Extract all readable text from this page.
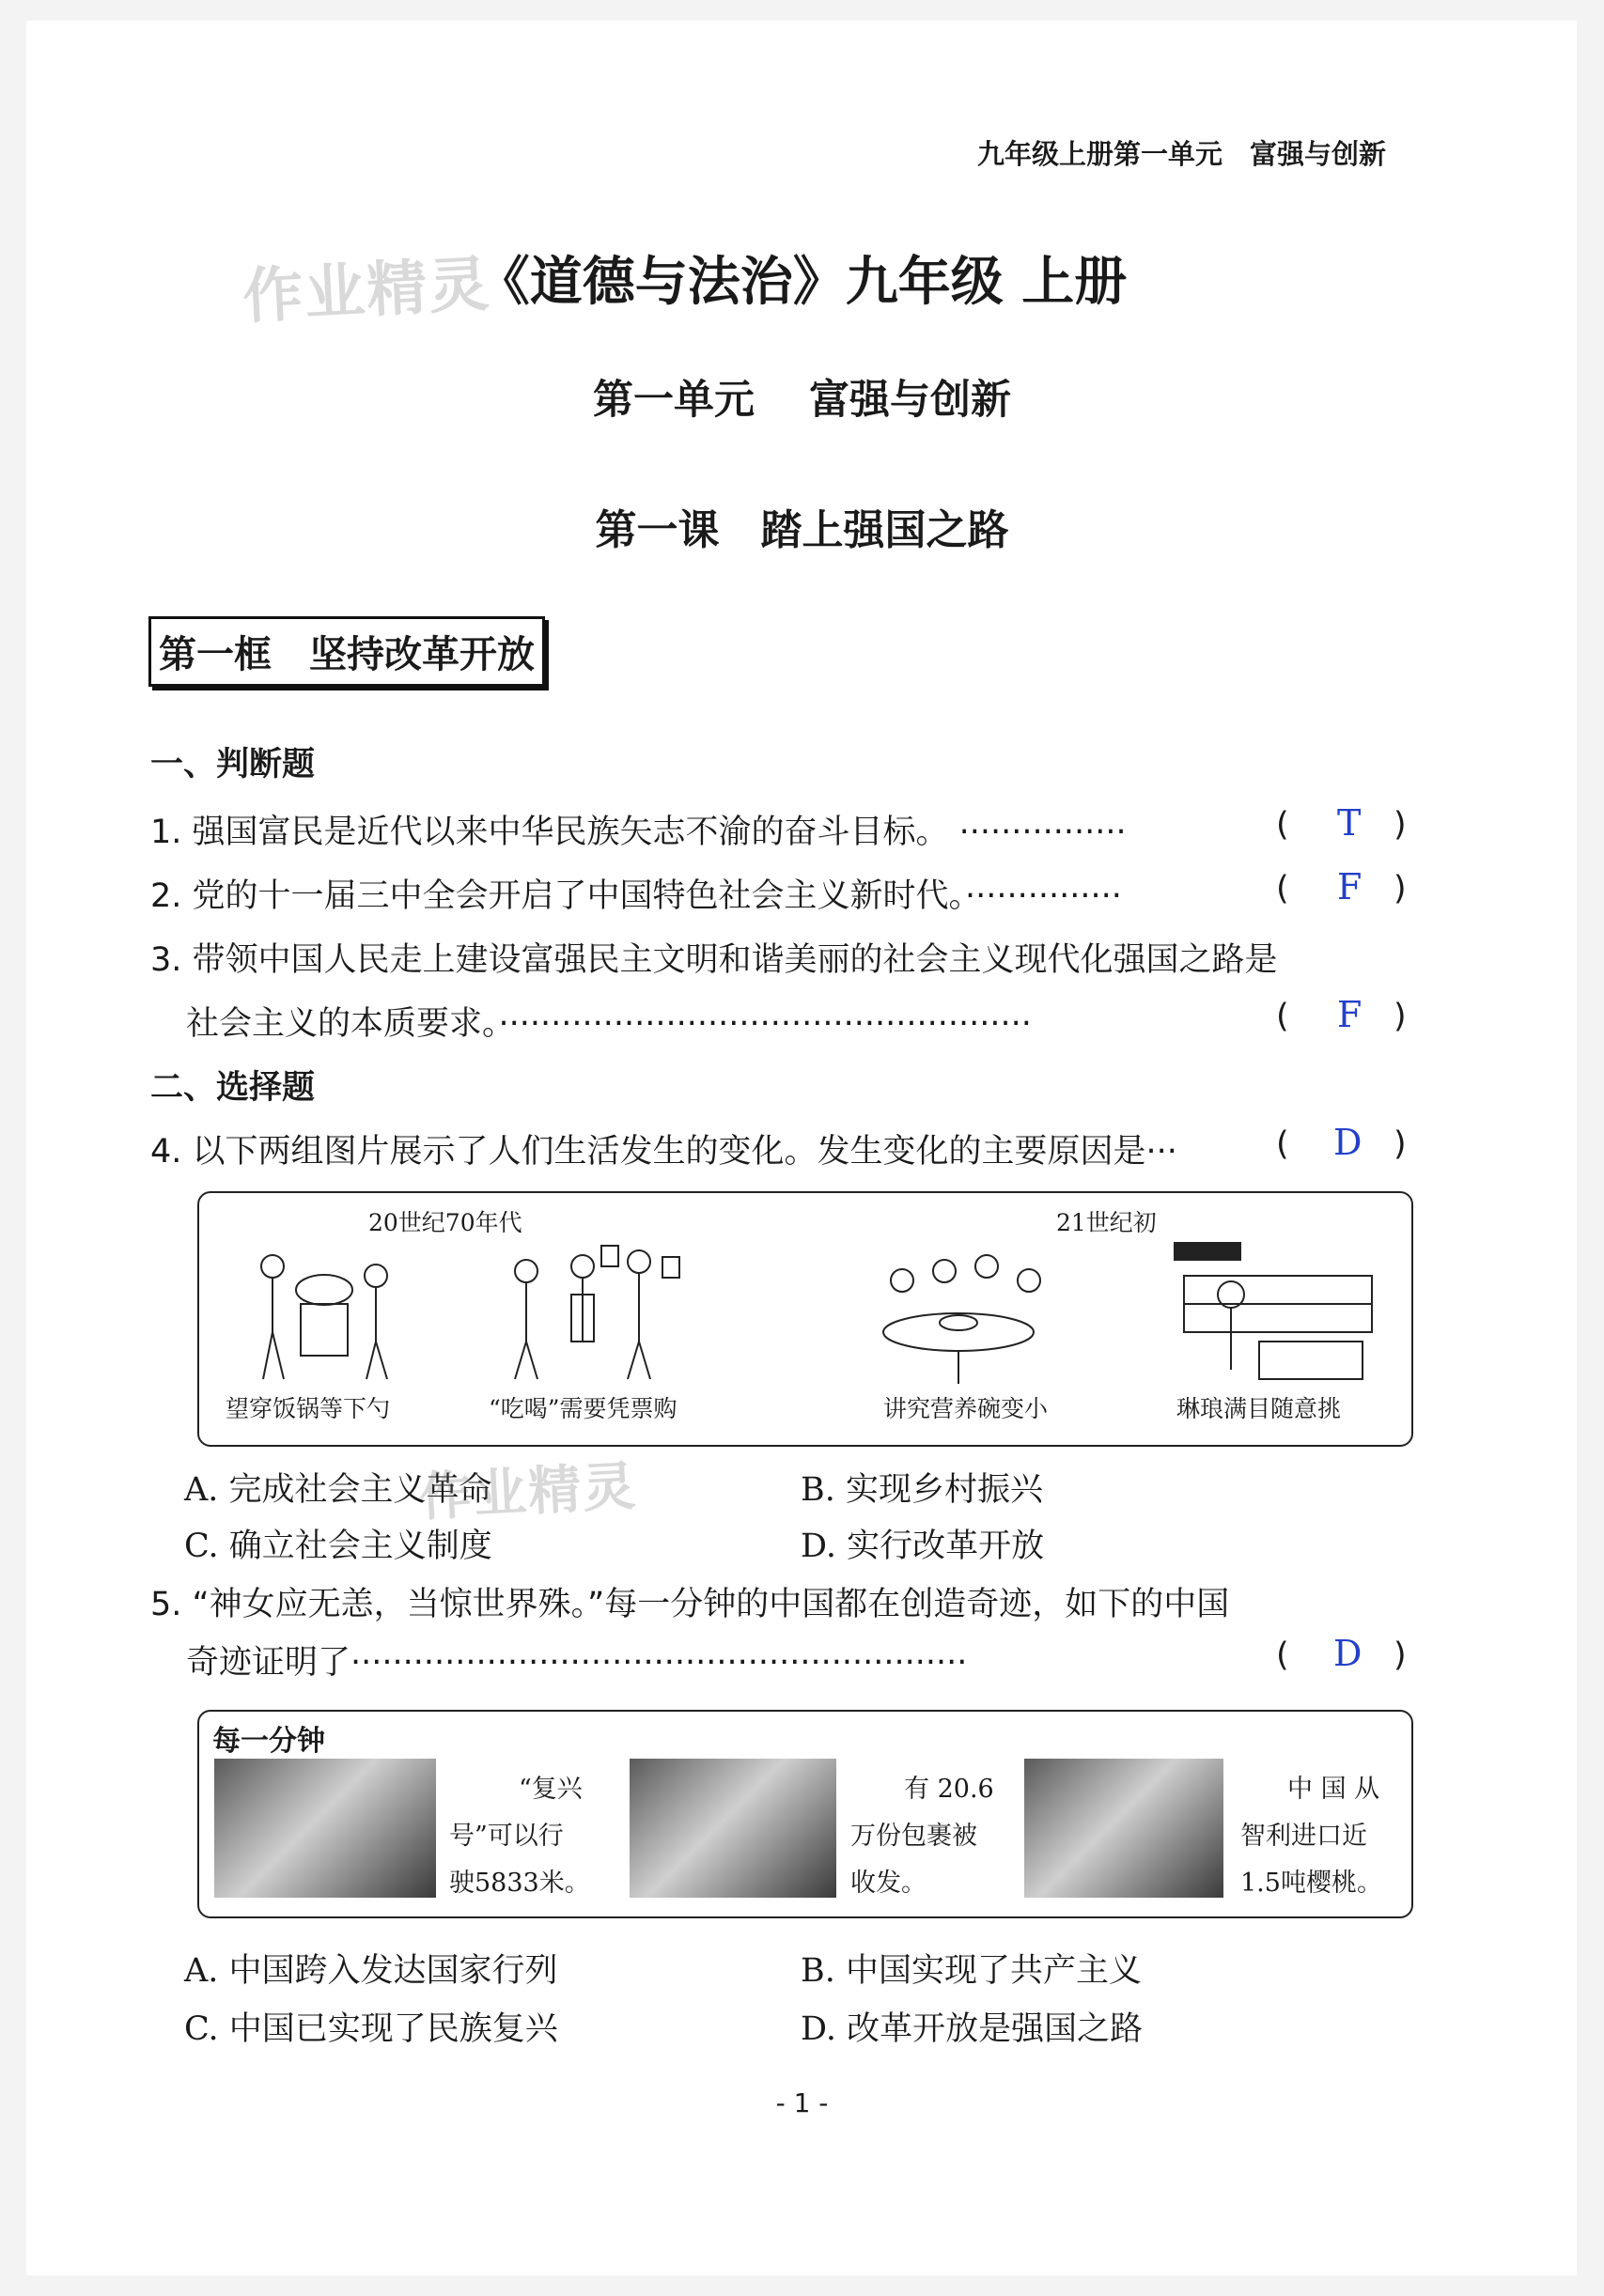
九年级上册第一单元　富强与创新
作业精灵
《道德与法治》九年级 上册
第一单元　 富强与创新
第一课　踏上强国之路
第一框　坚持改革开放
一、判断题
1. 强国富民是近代以来中华民族矢志不渝的奋斗目标。 ················	( T )
2. 党的十一届三中全会开启了中国特色社会主义新时代。···············	( F )
3. 带领中国人民走上建设富强民主文明和谐美丽的社会主义现代化强国之路是
社会主义的本质要求。···················································	( F )
二、选择题
4. 以下两组图片展示了人们生活发生的变化。发生变化的主要原因是···	( D )
20世纪70年代	21世纪初
望穿饭锅等下勺	“吃喝”需要凭票购	讲究营养碗变小	琳琅满目随意挑
A. 完成社会主义革命
作业精灵	B. 实现乡村振兴
C. 确立社会主义制度	D. 实行改革开放
5. “神女应无恙，当惊世界殊。”每一分钟的中国都在创造奇迹，如下的中国
奇迹证明了···························································	( D )
每一分钟
“复兴
号”可以行
驶5833米。
有 20.6
万份包裹被
收发。
中 国 从
智利进口近
1.5吨樱桃。
A. 中国跨入发达国家行列	B. 中国实现了共产主义
C. 中国已实现了民族复兴	D. 改革开放是强国之路
- 1 -
